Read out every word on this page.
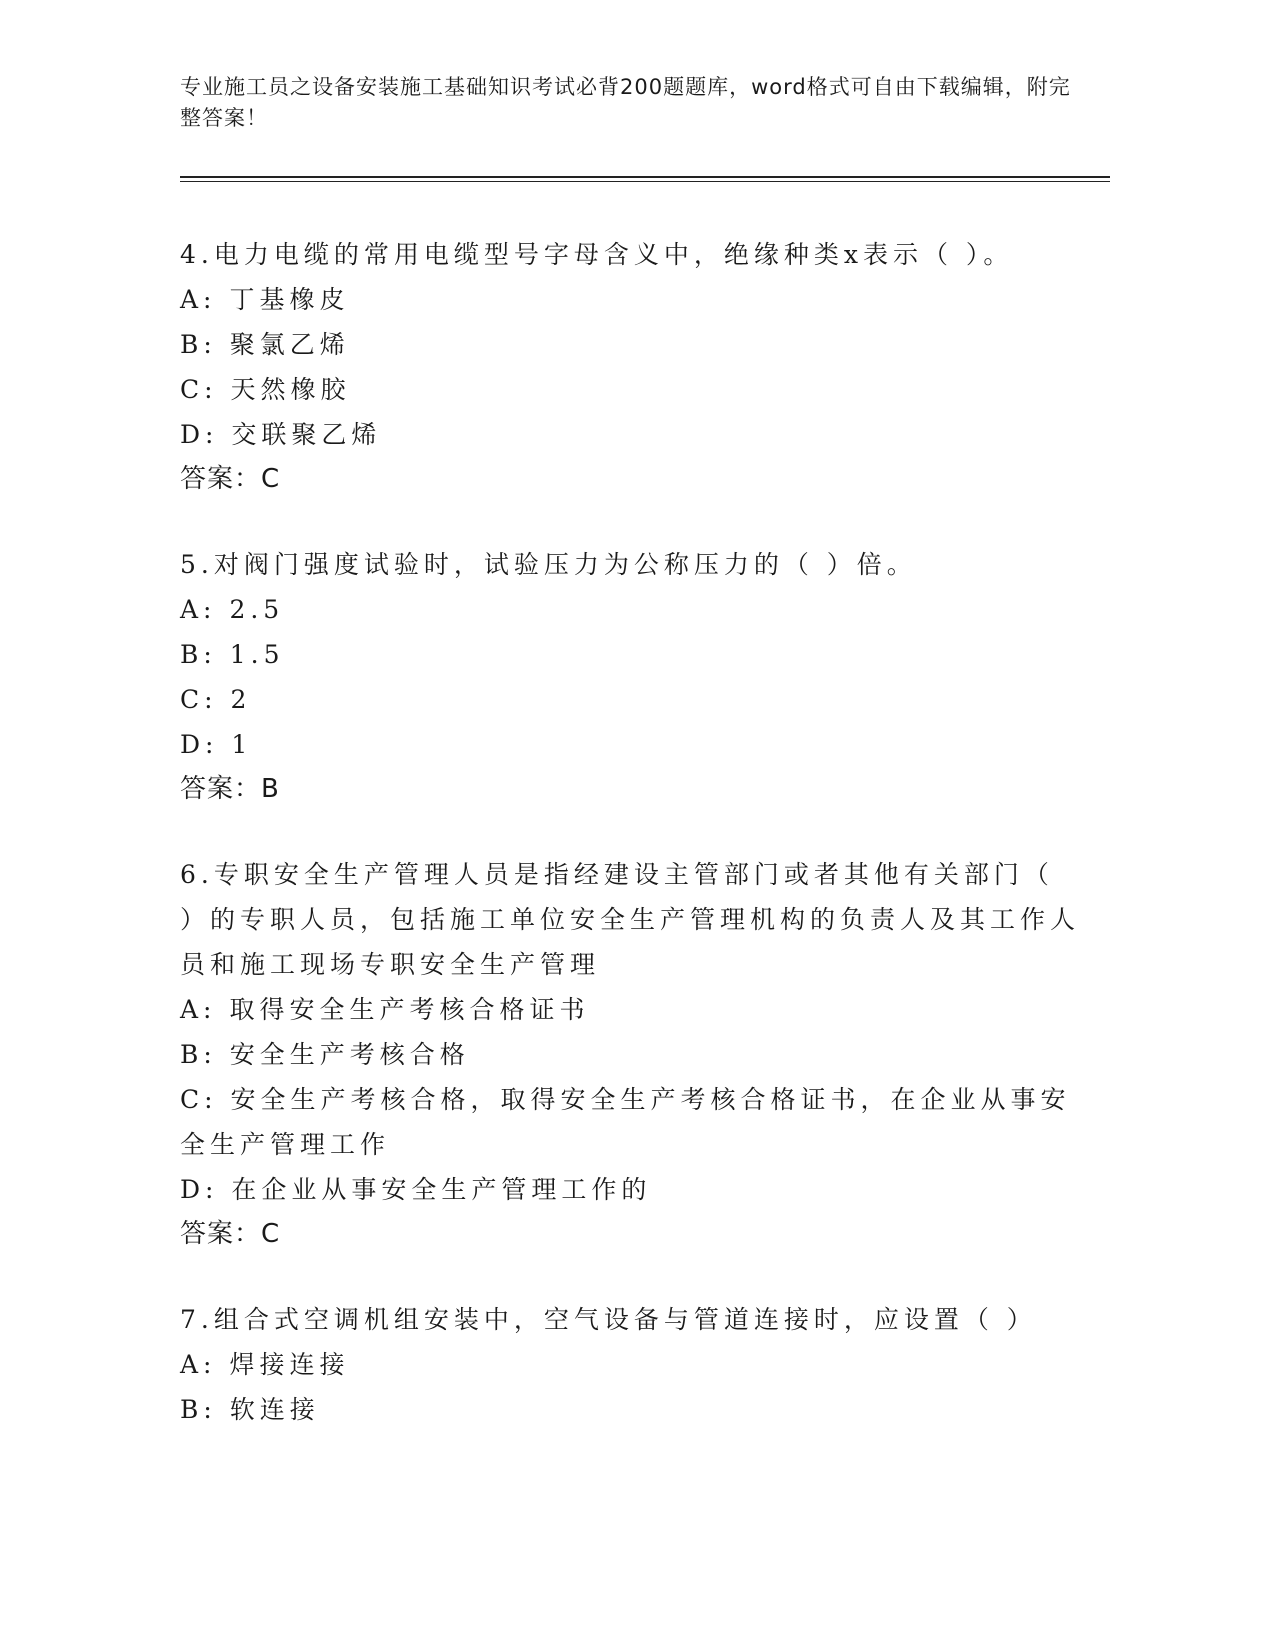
专业施工员之设备安装施工基础知识考试必背200题题库，word格式可自由下载编辑，附完整答案！

4.电力电缆的常用电缆型号字母含义中，绝缘种类x表示（ ）。

A: 丁基橡皮

B: 聚氯乙烯

C: 天然橡胶

D: 交联聚乙烯

答案：C

5.对阀门强度试验时，试验压力为公称压力的（ ）倍。

A: 2.5

B: 1.5

C: 2

D: 1

答案：B

6.专职安全生产管理人员是指经建设主管部门或者其他有关部门（ ）的专职人员，包括施工单位安全生产管理机构的负责人及其工作人员和施工现场专职安全生产管理

A: 取得安全生产考核合格证书

B: 安全生产考核合格

C: 安全生产考核合格，取得安全生产考核合格证书，在企业从事安全生产管理工作

D: 在企业从事安全生产管理工作的

答案：C

7.组合式空调机组安装中，空气设备与管道连接时，应设置（ ）

A: 焊接连接

B: 软连接
